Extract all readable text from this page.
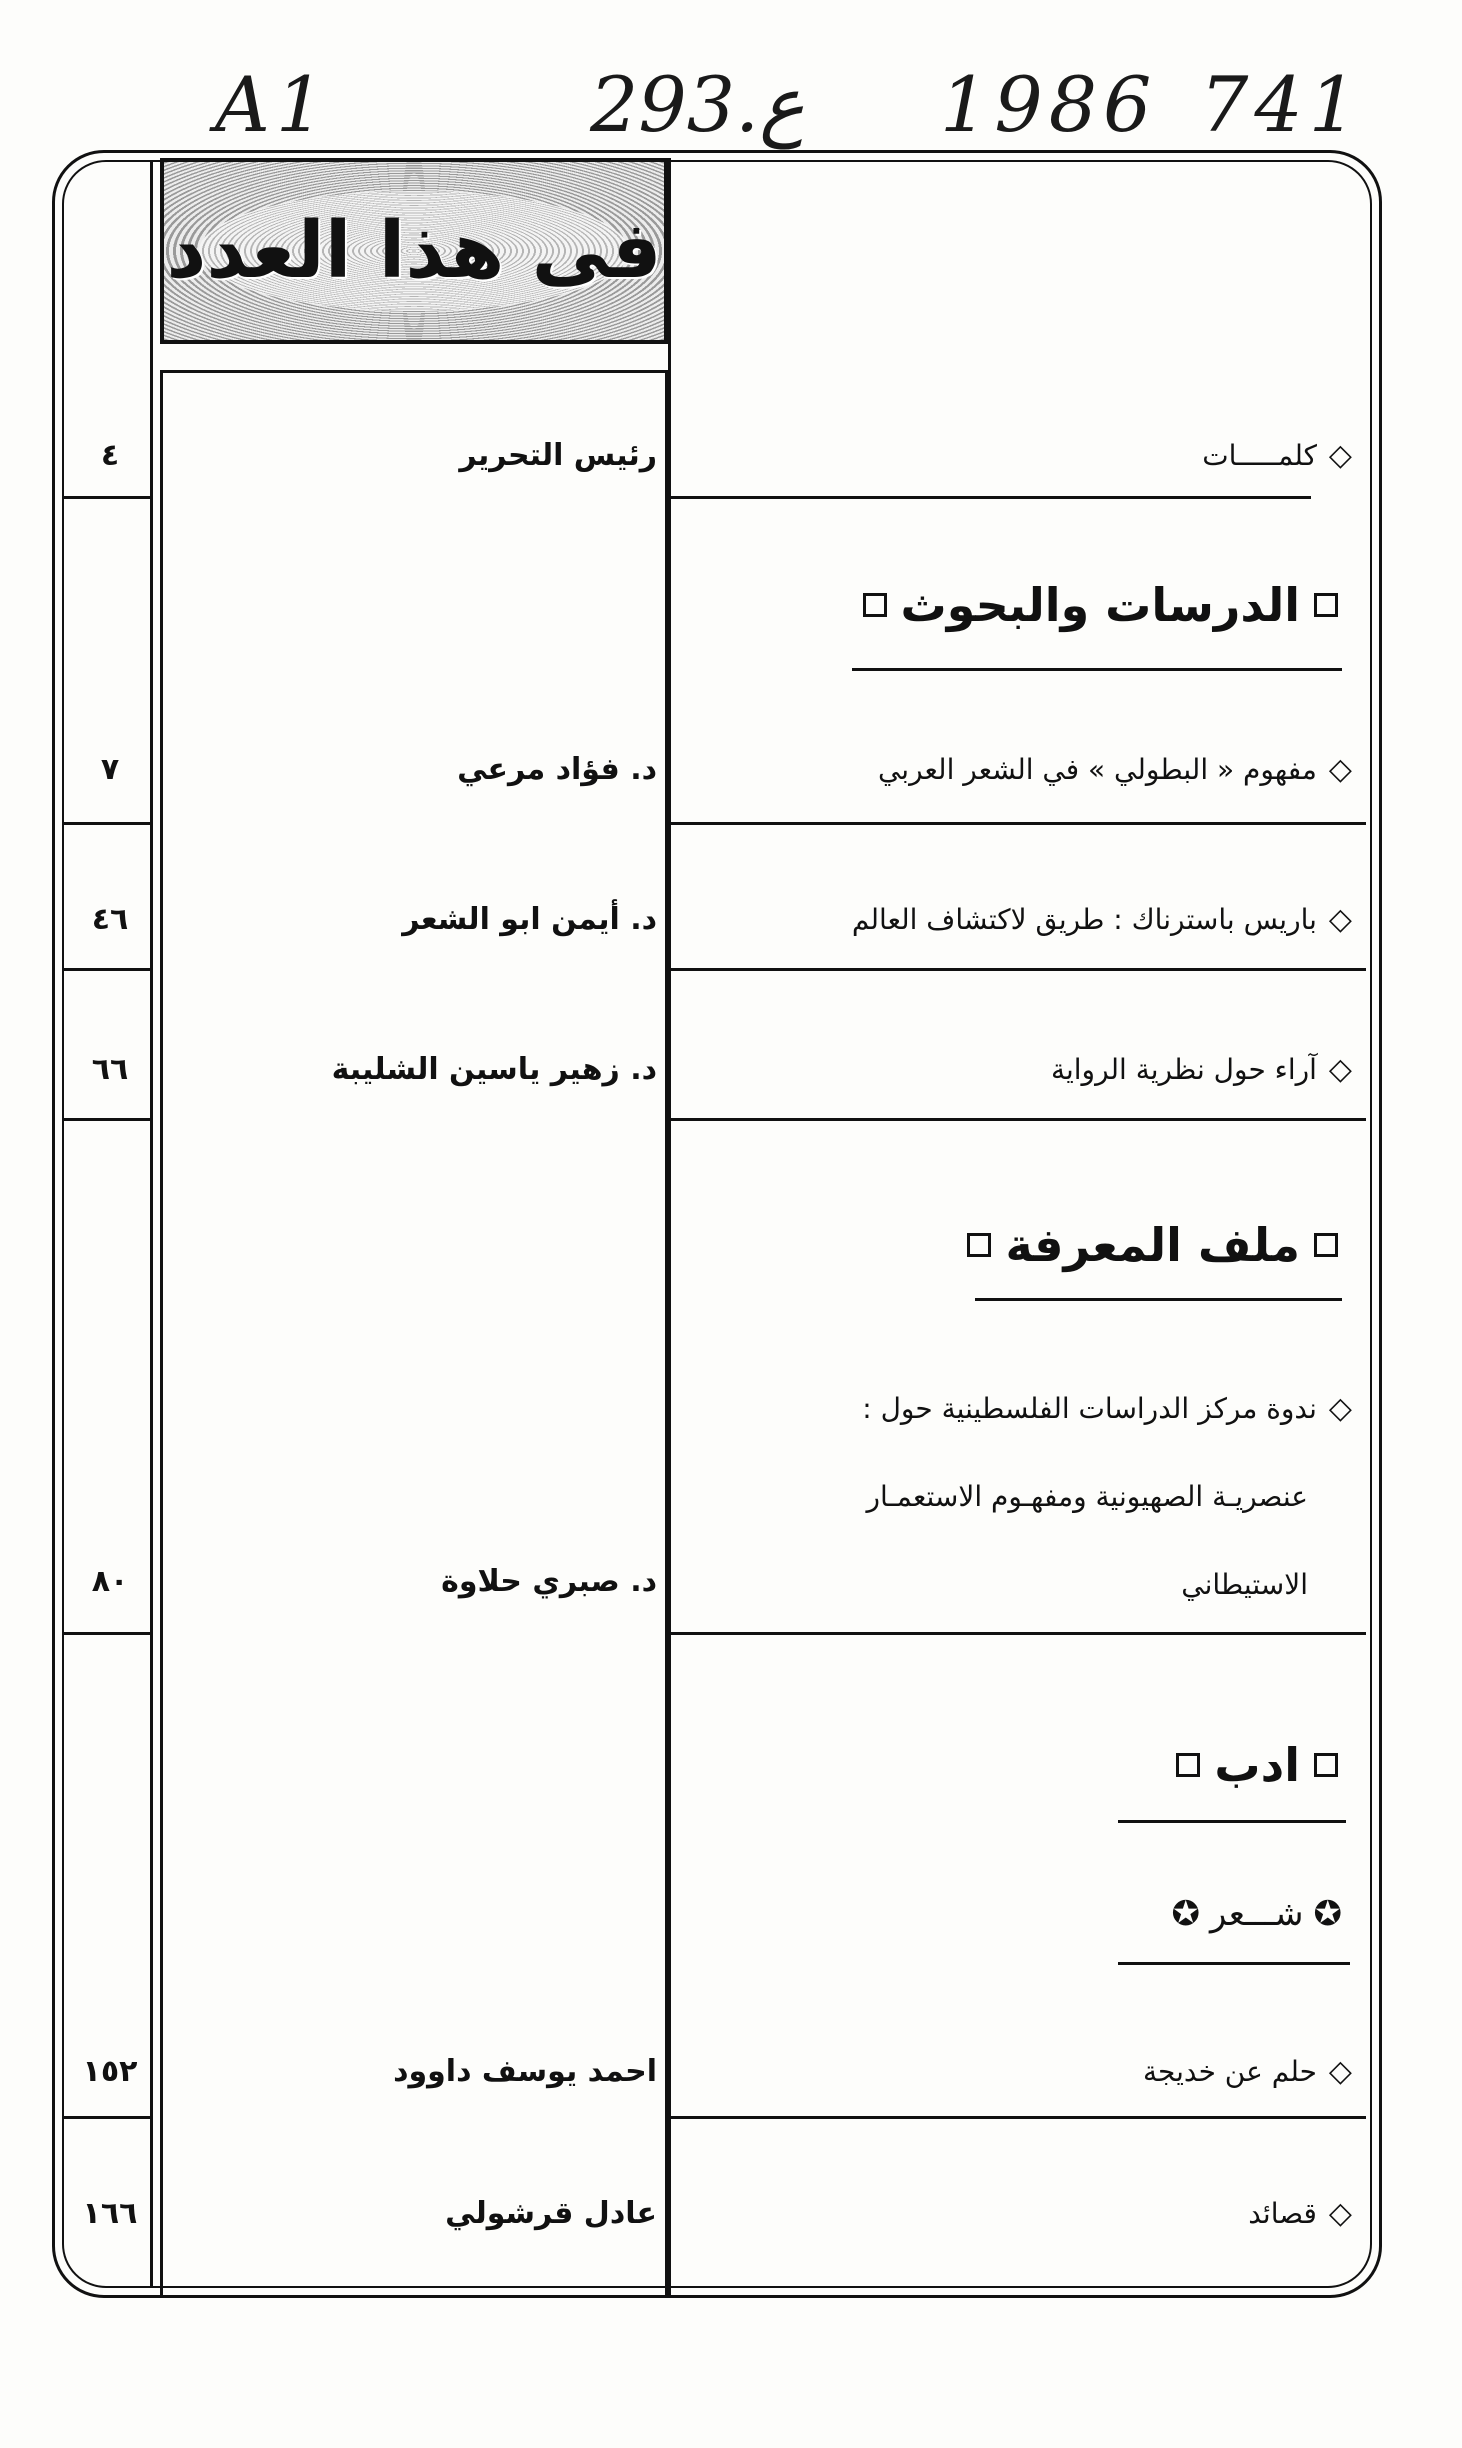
A1	293.ع 1986 741
فى هذا العدد
◇كلمـــــات
رئيس التحرير
٤
الدرسات والبحوث
◇مفهوم « البطولي » في الشعر العربي
د. فؤاد مرعي
٧
◇باريس باسترناك : طريق لاكتشاف العالم
د. أيمن ابو الشعر
٤٦
◇آراء حول نظرية الرواية
د. زهير ياسين الشليبة
٦٦
ملف المعرفة
◇ندوة مركز الدراسات الفلسطينية حول :
عنصريـة الصهيونية ومفهـوم الاستعمـار
الاستيطاني
د. صبري حلاوة
٨٠
ادب
✪
شـــعر
✪
◇حلم عن خديجة
احمد يوسف داوود
١٥٢
◇قصائد
عادل قرشولي
١٦٦
